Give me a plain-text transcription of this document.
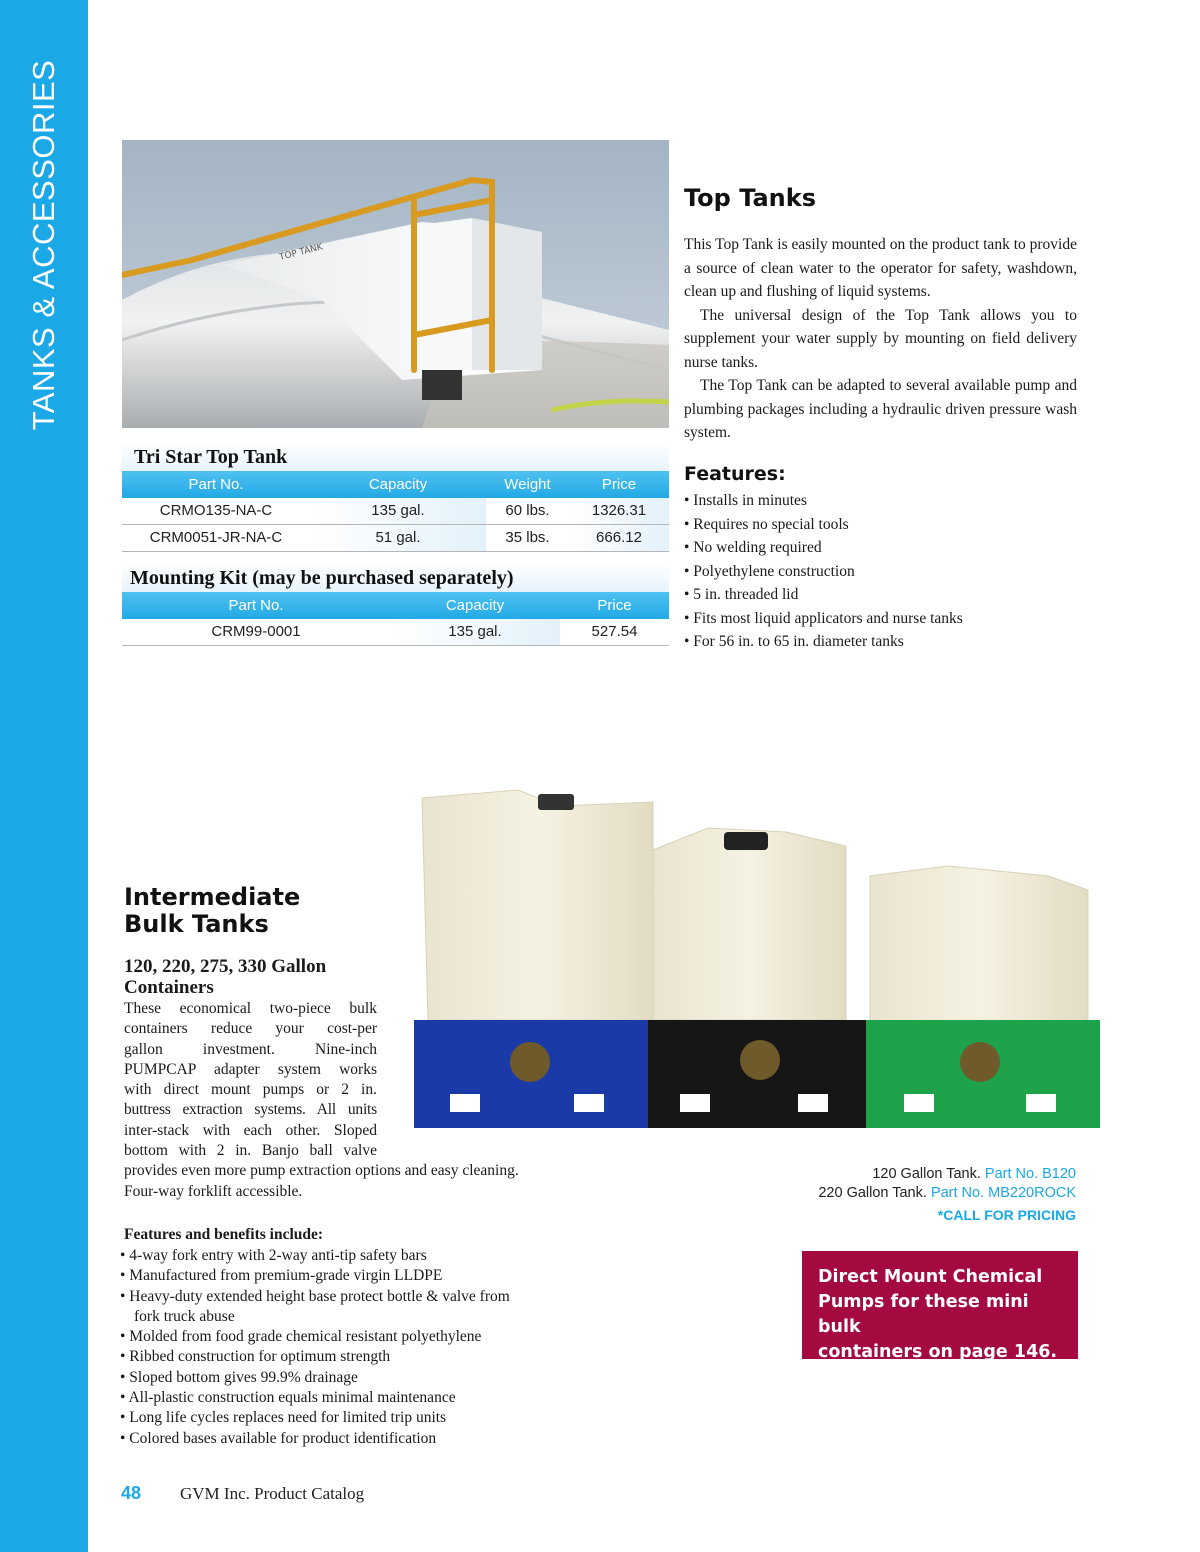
TANKS & ACCESSORIES	TOP TANK
Tri Star Top Tank
Part No.	Capacity	Weight	Price
CRMO135-NA-C	135 gal.	60 lbs.	1326.31
CRM0051-JR-NA-C	51 gal.	35 lbs.	666.12
Mounting Kit (may be purchased separately)
Part No.	Capacity	Price
CRM99-0001	135 gal.	527.54
Top Tanks

This Top Tank is easily mounted on the product tank to provide a source of clean water to the operator for safety, washdown, clean up and flushing of liquid systems.

The universal design of the Top Tank allows you to supplement your water supply by mounting on field delivery nurse tanks.

The Top Tank can be adapted to several available pump and plumbing packages including a hydraulic driven pressure wash system.

Features:
• Installs in minutes
• Requires no special tools
• No welding required
• Polyethylene construction
• 5 in. threaded lid
• Fits most liquid applicators and nurse tanks
• For 56 in. to 65 in. diameter tanks
Intermediate
Bulk Tanks
120, 220, 275, 330 Gallon
Containers
These economical two-piece bulk
containers reduce your cost-per
gallon investment. Nine-inch
PUMPCAP adapter system works
with direct mount pumps or 2 in.
buttress extraction systems. All units
inter-stack with each other. Sloped
bottom with 2 in. Banjo ball valve
provides even more pump extraction options and easy cleaning.
Four-way forklift accessible.
Features and benefits include:
• 4-way fork entry with 2-way anti-tip safety bars
• Manufactured from premium-grade virgin LLDPE
• Heavy-duty extended height base protect bottle & valve from
fork truck abuse
• Molded from food grade chemical resistant polyethylene
• Ribbed construction for optimum strength
• Sloped bottom gives 99.9% drainage
• All-plastic construction equals minimal maintenance
• Long life cycles replaces need for limited trip units
• Colored bases available for product identification
120 Gallon Tank. Part No. B120
220 Gallon Tank. Part No. MB220ROCK
*CALL FOR PRICING
Direct Mount Chemical
Pumps for these mini bulk
containers on page 146.
48 GVM Inc. Product Catalog
